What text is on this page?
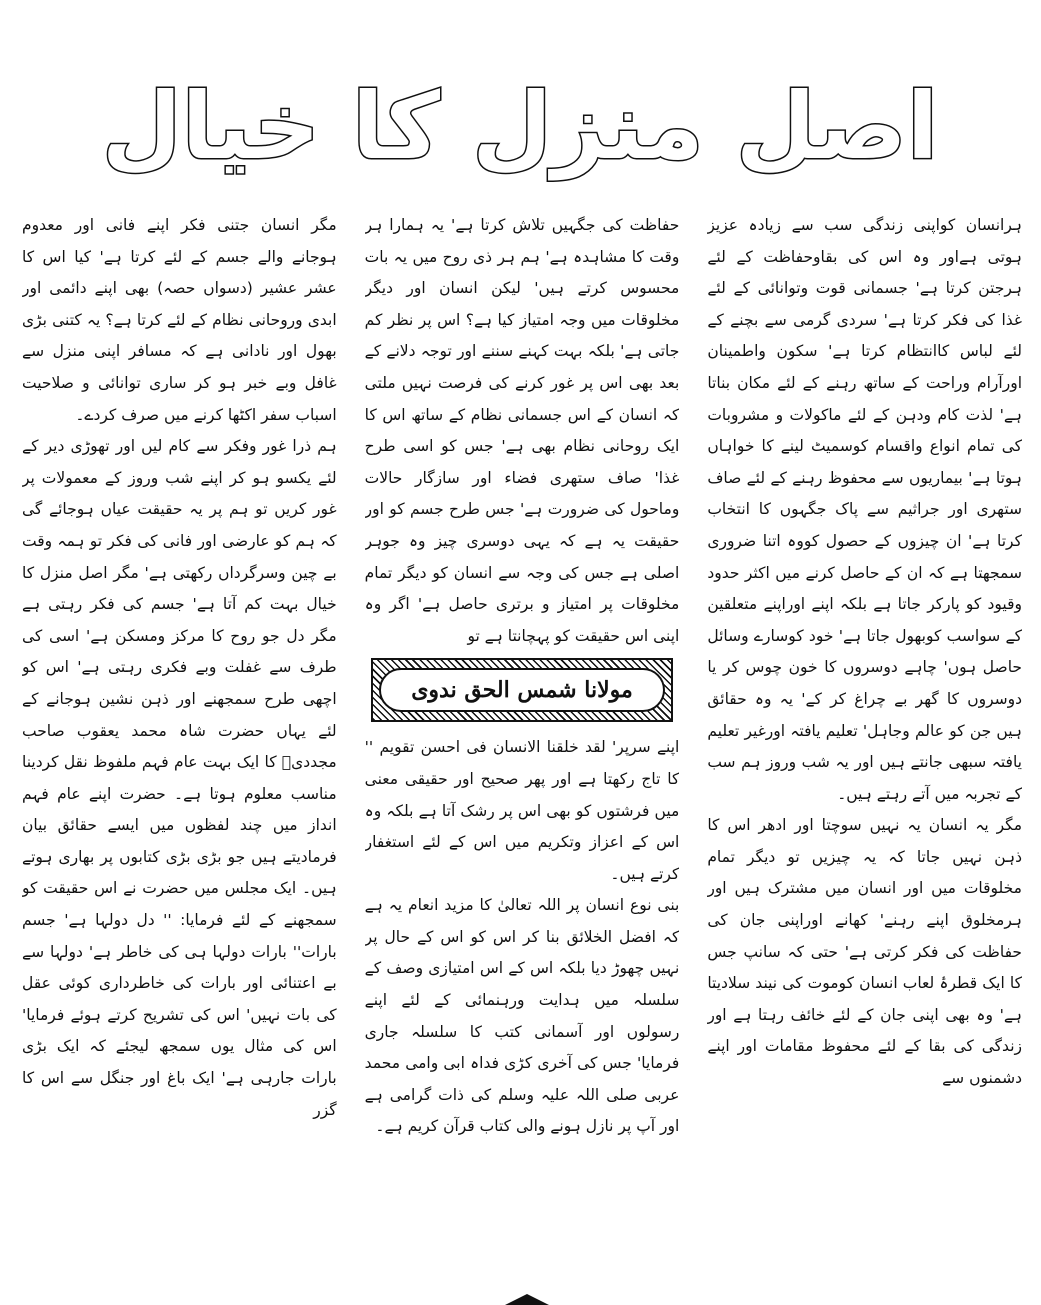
اصل منزل کا خیال

ہرانسان کواپنی زندگی سب سے زیادہ عزیز ہوتی ہےاور وہ اس کی بقاوحفاظت کے لئے ہرجتن کرتا ہے' جسمانی قوت وتوانائی کے لئے غذا کی فکر کرتا ہے' سردی گرمی سے بچنے کے لئے لباس کاانتظام کرتا ہے' سکون واطمینان اورآرام وراحت کے ساتھ رہنے کے لئے مکان بناتا ہے' لذت کام ودہن کے لئے ماکولات و مشروبات کی تمام انواع واقسام کوسمیٹ لینے کا خواہاں ہوتا ہے' بیماریوں سے محفوظ رہنے کے لئے صاف ستھری اور جراثیم سے پاک جگہوں کا انتخاب کرتا ہے' ان چیزوں کے حصول کووہ اتنا ضروری سمجھتا ہے کہ ان کے حاصل کرنے میں اکثر حدود وقیود کو پارکر جاتا ہے بلکہ اپنے اوراپنے متعلقین کے سواسب کوبھول جاتا ہے' خود کوسارے وسائل حاصل ہوں' چاہے دوسروں کا خون چوس کر یا دوسروں کا گھر بے چراغ کر کے' یہ وہ حقائق ہیں جن کو عالم وجاہل' تعلیم یافتہ اورغیر تعلیم یافتہ سبھی جانتے ہیں اور یہ شب وروز ہم سب کے تجربہ میں آتے رہتے ہیں۔

مگر یہ انسان یہ نہیں سوچتا اور ادھر اس کا ذہن نہیں جاتا کہ یہ چیزیں تو دیگر تمام مخلوقات میں اور انسان میں مشترک ہیں اور ہرمخلوق اپنے رہنے' کھانے اوراپنی جان کی حفاظت کی فکر کرتی ہے' حتی کہ سانپ جس کا ایک قطرۂ لعاب انسان کوموت کی نیند سلادیتا ہے' وہ بھی اپنی جان کے لئے خائف رہتا ہے اور زندگی کی بقا کے لئے محفوظ مقامات اور اپنے دشمنوں سے

حفاظت کی جگہیں تلاش کرتا ہے' یہ ہمارا ہر وقت کا مشاہدہ ہے' ہم ہر ذی روح میں یہ بات محسوس کرتے ہیں' لیکن انسان اور دیگر مخلوقات میں وجہ امتیاز کیا ہے؟ اس پر نظر کم جاتی ہے' بلکہ بہت کہنے سننے اور توجہ دلانے کے بعد بھی اس پر غور کرنے کی فرصت نہیں ملتی کہ انسان کے اس جسمانی نظام کے ساتھ اس کا ایک روحانی نظام بھی ہے' جس کو اسی طرح غذا' صاف ستھری فضاء اور سازگار حالات وماحول کی ضرورت ہے' جس طرح جسم کو اور حقیقت یہ ہے کہ یہی دوسری چیز وہ جوہر اصلی ہے جس کی وجہ سے انسان کو دیگر تمام مخلوقات پر امتیاز و برتری حاصل ہے' اگر وہ اپنی اس حقیقت کو پہچانتا ہے تو

مولانا شمس الحق ندوی

اپنے سرپر' لقد خلقنا الانسان فی احسن تقویم '' کا تاج رکھتا ہے اور پھر صحیح اور حقیقی معنی میں فرشتوں کو بھی اس پر رشک آتا ہے بلکہ وہ اس کے اعزاز وتکریم میں اس کے لئے استغفار کرتے ہیں۔

بنی نوع انسان پر اللہ تعالیٰ کا مزید انعام یہ ہے کہ افضل الخلائق بنا کر اس کو اس کے حال پر نہیں چھوڑ دیا بلکہ اس کے اس امتیازی وصف کے سلسلہ میں ہدایت ورہنمائی کے لئے اپنے رسولوں اور آسمانی کتب کا سلسلہ جاری فرمایا' جس کی آخری کڑی فداہ ابی وامی محمد عربی صلی اللہ علیہ وسلم کی ذات گرامی ہے اور آپ پر نازل ہونے والی کتاب قرآن کریم ہے۔

مگر انسان جتنی فکر اپنے فانی اور معدوم ہوجانے والے جسم کے لئے کرتا ہے' کیا اس کا عشر عشیر (دسواں حصہ) بھی اپنے دائمی اور ابدی وروحانی نظام کے لئے کرتا ہے؟ یہ کتنی بڑی بھول اور نادانی ہے کہ مسافر اپنی منزل سے غافل وبے خبر ہو کر ساری توانائی و صلاحیت اسباب سفر اکٹھا کرنے میں صرف کردے۔

ہم ذرا غور وفکر سے کام لیں اور تھوڑی دیر کے لئے یکسو ہو کر اپنے شب وروز کے معمولات پر غور کریں تو ہم پر یہ حقیقت عیاں ہوجائے گی کہ ہم کو عارضی اور فانی کی فکر تو ہمہ وقت بے چین وسرگرداں رکھتی ہے' مگر اصل منزل کا خیال بہت کم آتا ہے' جسم کی فکر رہتی ہے مگر دل جو روح کا مرکز ومسکن ہے' اسی کی طرف سے غفلت وبے فکری رہتی ہے' اس کو اچھی طرح سمجھنے اور ذہن نشین ہوجانے کے لئے یہاں حضرت شاہ محمد یعقوب صاحب مجددیؒ کا ایک بہت عام فہم ملفوظ نقل کردینا مناسب معلوم ہوتا ہے۔ حضرت اپنے عام فہم انداز میں چند لفظوں میں ایسے حقائق بیان فرمادیتے ہیں جو بڑی بڑی کتابوں پر بھاری ہوتے ہیں۔ ایک مجلس میں حضرت نے اس حقیقت کو سمجھنے کے لئے فرمایا: '' دل دولہا ہے' جسم بارات'' بارات دولہا ہی کی خاطر ہے' دولہا سے بے اعتنائی اور بارات کی خاطرداری کوئی عقل کی بات نہیں' اس کی تشریح کرتے ہوئے فرمایا' اس کی مثال یوں سمجھ لیجئے کہ ایک بڑی بارات جارہی ہے' ایک باغ اور جنگل سے اس کا گزر
